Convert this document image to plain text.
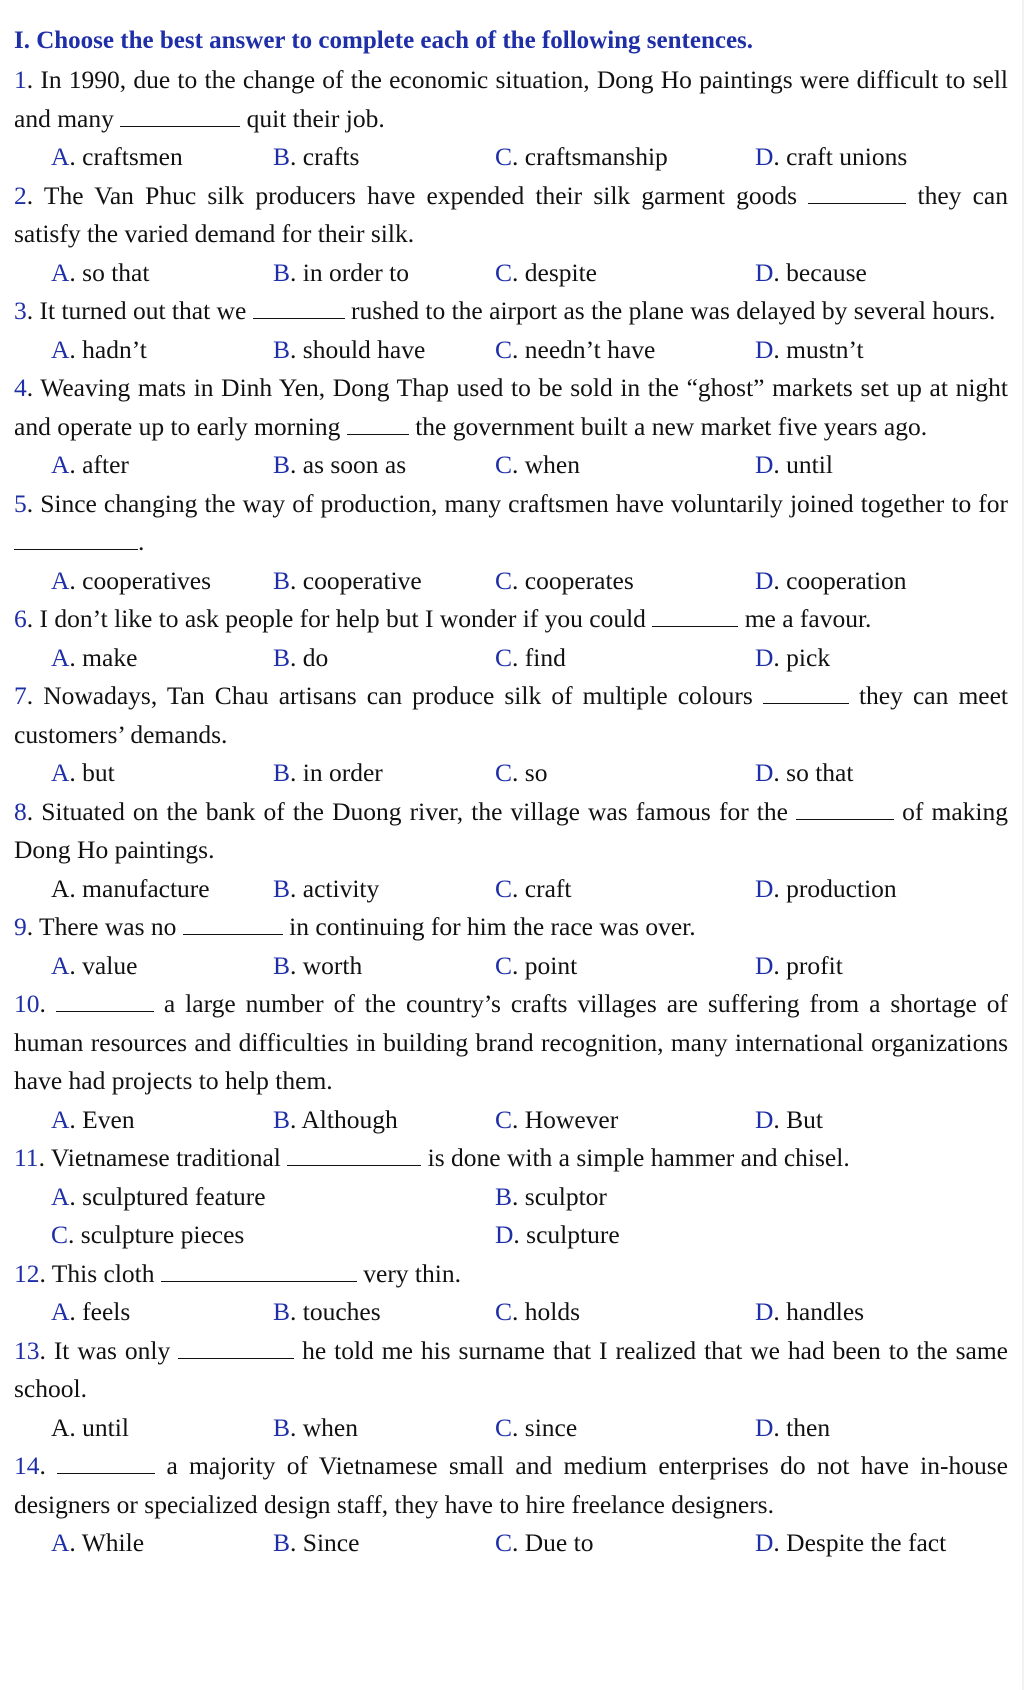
I. Choose the best answer to complete each of the following sentences.
1. In 1990, due to the change of the economic situation, Dong Ho paintings were difficult to sell and many	quit their job.
A. craftsmen	B. crafts	C. craftsmanship	D. craft unions
2. The Van Phuc silk producers have expended their silk garment goods	they can satisfy the varied demand for their silk.
A. so that	B. in order to	C. despite	D. because
3. It turned out that we	rushed to the airport as the plane was delayed by several hours.
A. hadn’t	B. should have	C. needn’t have	D. mustn’t
4. Weaving mats in Dinh Yen, Dong Thap used to be sold in the “ghost” markets set up at night and operate up to early morning  the government built a new market five years ago.
A. after	B. as soon as	C. when	D. until
5. Since changing the way of production, many craftsmen have voluntarily joined together to for .
A. cooperatives	B. cooperative	C. cooperates	D. cooperation
6. I don’t like to ask people for help but I wonder if you could	me a favour.
A. make	B. do	C. find	D. pick
7. Nowadays, Tan Chau artisans can produce silk of multiple colours	they can meet customers’ demands.
A. but	B. in order	C. so	D. so that
8. Situated on the bank of the Duong river, the village was famous for the	of making Dong Ho paintings.
A. manufacture	B. activity	C. craft	D. production
9. There was no	in continuing for him the race was over.
A. value	B. worth	C. point	D. profit
10.	a large number of the country’s crafts villages are suffering from a shortage of human resources and difficulties in building brand recognition, many international organizations have had projects to help them.
A. Even	B. Although	C. However	D. But
11. Vietnamese traditional	is done with a simple hammer and chisel.
A. sculptured feature	B. sculptor
C. sculpture pieces	D. sculpture
12. This cloth	very thin.
A. feels	B. touches	C. holds	D. handles
13. It was only	he told me his surname that I realized that we had been to the same school.
A. until	B. when	C. since	D. then
14.	a majority of Vietnamese small and medium enterprises do not have in-house designers or specialized design staff, they have to hire freelance designers.
A. While	B. Since	C. Due to	D. Despite the fact
